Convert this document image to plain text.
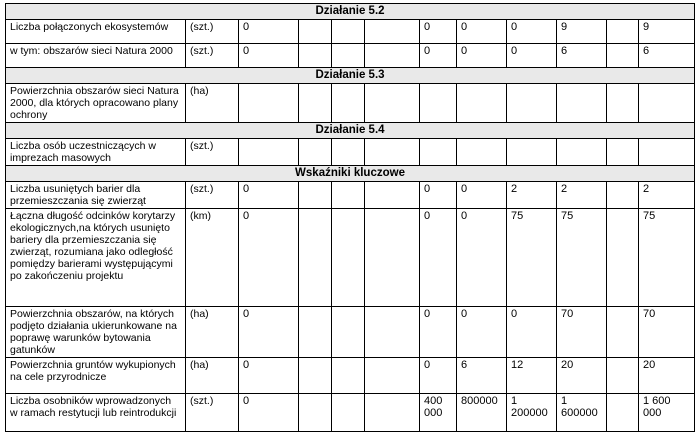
Działanie 5.2											
Liczba połączonych ekosystemów	(szt.)	0				0	0	0	9		9
w tym: obszarów sieci Natura 2000	(szt.)	0				0	0	0	6		6
Działanie 5.3											
Powierzchnia obszarów sieci Natura 2000, dla których opracowano plany ochrony	(ha)										
Działanie 5.4											
Liczba osób uczestniczących w imprezach masowych	(szt.)										
Wskaźniki kluczowe											
Liczba usuniętych barier dla przemieszczania się zwierząt	(szt.)	0				0	0	2	2		2
Łączna długość odcinków korytarzy ekologicznych,na których usunięto bariery dla przemieszczania się zwierząt, rozumiana jako odległość pomiędzy barierami występującymi po zakończeniu projektu	(km)	0				0	0	75	75		75
Powierzchnia obszarów, na których podjęto działania ukierunkowane na poprawę warunków bytowania gatunków	(ha)	0				0	0	0	70		70
Powierzchnia gruntów wykupionych na cele przyrodnicze	(ha)	0				0	6	12	20		20
Liczba osobników wprowadzonych w ramach restytucji lub reintrodukcji	(szt.)	0				400 000	800000	1 200000	1 600000		1 600 000
